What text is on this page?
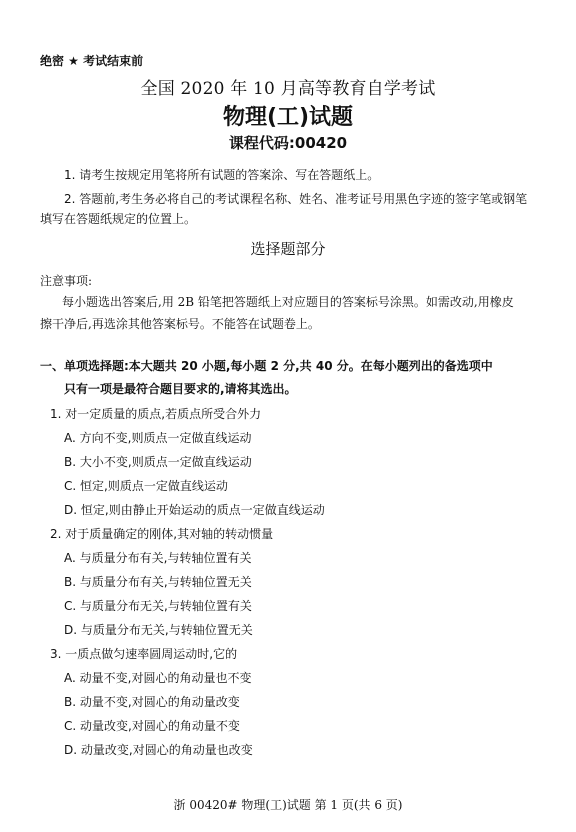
绝密 ★ 考试结束前
全国 2020 年 10 月高等教育自学考试
物理(工)试题
课程代码:00420
1. 请考生按规定用笔将所有试题的答案涂、写在答题纸上。
2. 答题前,考生务必将自己的考试课程名称、姓名、准考证号用黑色字迹的签字笔或钢笔
填写在答题纸规定的位置上。
选择题部分
注意事项:
每小题选出答案后,用 2B 铅笔把答题纸上对应题目的答案标号涂黑。如需改动,用橡皮
擦干净后,再选涂其他答案标号。不能答在试题卷上。
一、单项选择题:本大题共 20 小题,每小题 2 分,共 40 分。在每小题列出的备选项中
只有一项是最符合题目要求的,请将其选出。
1. 对一定质量的质点,若质点所受合外力
A. 方向不变,则质点一定做直线运动
B. 大小不变,则质点一定做直线运动
C. 恒定,则质点一定做直线运动
D. 恒定,则由静止开始运动的质点一定做直线运动
2. 对于质量确定的刚体,其对轴的转动惯量
A. 与质量分布有关,与转轴位置有关
B. 与质量分布有关,与转轴位置无关
C. 与质量分布无关,与转轴位置有关
D. 与质量分布无关,与转轴位置无关
3. 一质点做匀速率圆周运动时,它的
A. 动量不变,对圆心的角动量也不变
B. 动量不变,对圆心的角动量改变
C. 动量改变,对圆心的角动量不变
D. 动量改变,对圆心的角动量也改变
浙 00420# 物理(工)试题 第 1 页(共 6 页)
